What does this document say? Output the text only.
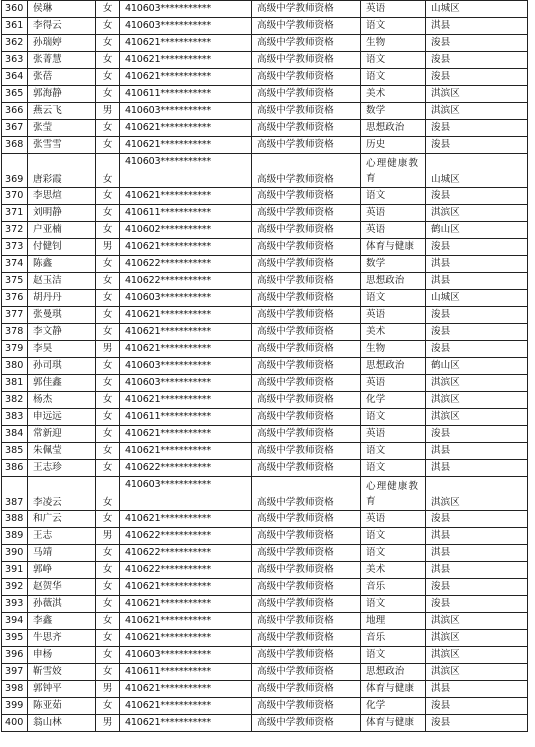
360	侯琳	女	410603***********	高级中学教师资格	英语	山城区
361	李得云	女	410603***********	高级中学教师资格	语文	淇县
362	孙瑞婷	女	410621***********	高级中学教师资格	生物	浚县
363	张菁慧	女	410621***********	高级中学教师资格	语文	浚县
364	张蓓	女	410621***********	高级中学教师资格	语文	浚县
365	郭海静	女	410611***********	高级中学教师资格	美术	淇滨区
366	燕云飞	男	410603***********	高级中学教师资格	数学	淇滨区
367	张莹	女	410621***********	高级中学教师资格	思想政治	浚县
368	张雪雪	女	410621***********	高级中学教师资格	历史	浚县
369	唐彩霞	女	410603***********	高级中学教师资格	心理健康教育	山城区
370	李思煊	女	410621***********	高级中学教师资格	语文	浚县
371	刘明静	女	410611***********	高级中学教师资格	英语	淇滨区
372	户亚楠	女	410602***********	高级中学教师资格	英语	鹤山区
373	付健钊	男	410621***********	高级中学教师资格	体育与健康	浚县
374	陈鑫	女	410622***********	高级中学教师资格	数学	淇县
375	赵玉洁	女	410622***********	高级中学教师资格	思想政治	淇县
376	胡丹丹	女	410603***********	高级中学教师资格	语文	山城区
377	张曼琪	女	410621***********	高级中学教师资格	英语	浚县
378	李文静	女	410621***********	高级中学教师资格	美术	浚县
379	李昊	男	410621***********	高级中学教师资格	生物	浚县
380	孙司琪	女	410603***********	高级中学教师资格	思想政治	鹤山区
381	郭佳鑫	女	410603***********	高级中学教师资格	英语	淇滨区
382	杨杰	女	410621***********	高级中学教师资格	化学	淇滨区
383	申远远	女	410611***********	高级中学教师资格	语文	淇滨区
384	常新迎	女	410621***********	高级中学教师资格	英语	浚县
385	朱佩莹	女	410621***********	高级中学教师资格	语文	淇县
386	王志珍	女	410622***********	高级中学教师资格	语文	淇县
387	李凌云	女	410603***********	高级中学教师资格	心理健康教育	淇滨区
388	和广云	女	410621***********	高级中学教师资格	英语	浚县
389	王志	男	410622***********	高级中学教师资格	语文	淇县
390	马靖	女	410622***********	高级中学教师资格	语文	淇县
391	郭峥	女	410622***********	高级中学教师资格	美术	淇县
392	赵贺华	女	410621***********	高级中学教师资格	音乐	浚县
393	孙薇淇	女	410621***********	高级中学教师资格	语文	浚县
394	李鑫	女	410621***********	高级中学教师资格	地理	淇滨区
395	牛思齐	女	410621***********	高级中学教师资格	音乐	淇滨区
396	申杨	女	410603***********	高级中学教师资格	语文	淇滨区
397	靳雪姣	女	410611***********	高级中学教师资格	思想政治	淇滨区
398	郭钟平	男	410621***********	高级中学教师资格	体育与健康	淇县
399	陈亚茹	女	410621***********	高级中学教师资格	化学	浚县
400	翁山林	男	410621***********	高级中学教师资格	体育与健康	浚县
